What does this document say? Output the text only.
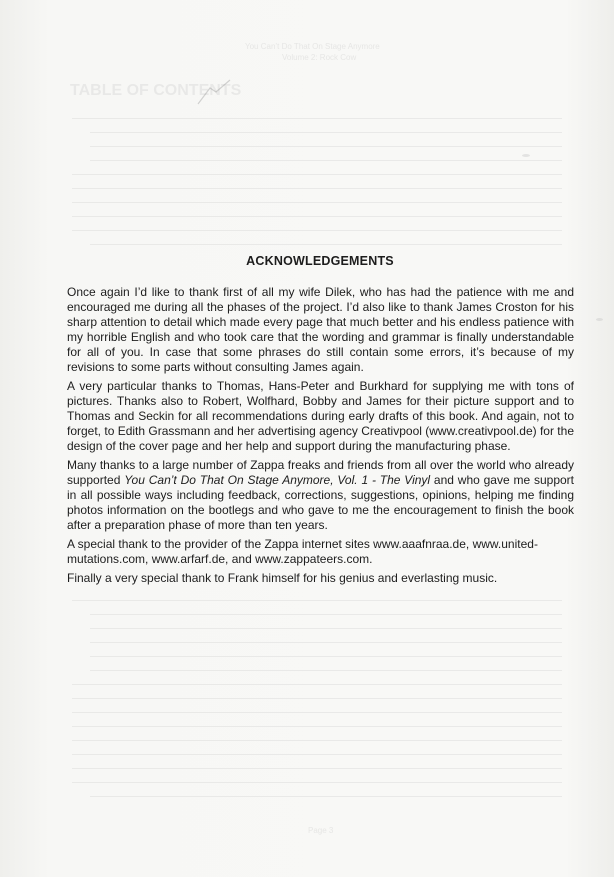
You Can’t Do That On Stage Anymore
Volume 2: Rock Cow
TABLE OF CONTENTS
Page 3
ACKNOWLEDGEMENTS

Once again I’d like to thank first of all my wife Dilek, who has had the patience with me and encouraged me during all the phases of the project. I’d also like to thank James Croston for his sharp attention to detail which made every page that much better and his endless patience with my horrible English and who took care that the wording and grammar is finally understandable for all of you. In case that some phrases do still contain some errors, it’s because of my revisions to some parts without consulting James again.

A very particular thanks to Thomas, Hans-Peter and Burkhard for supplying me with tons of pictures. Thanks also to Robert, Wolfhard, Bobby and James for their picture support and to Thomas and Seckin for all recommendations during early drafts of this book. And again, not to forget, to Edith Grassmann and her advertising agency Creativpool (www.creativpool.de) for the design of the cover page and her help and support during the manufacturing phase.

Many thanks to a large number of Zappa freaks and friends from all over the world who already supported You Can’t Do That On Stage Anymore, Vol. 1 - The Vinyl and who gave me support in all possible ways including feedback, corrections, suggestions, opinions, helping me finding photos information on the bootlegs and who gave to me the encouragement to finish the book after a preparation phase of more than ten years.

A special thank to the provider of the Zappa internet sites www.aaafnraa.de, www.united-mutations.com, www.arfarf.de, and www.zappateers.com.

Finally a very special thank to Frank himself for his genius and everlasting music.
